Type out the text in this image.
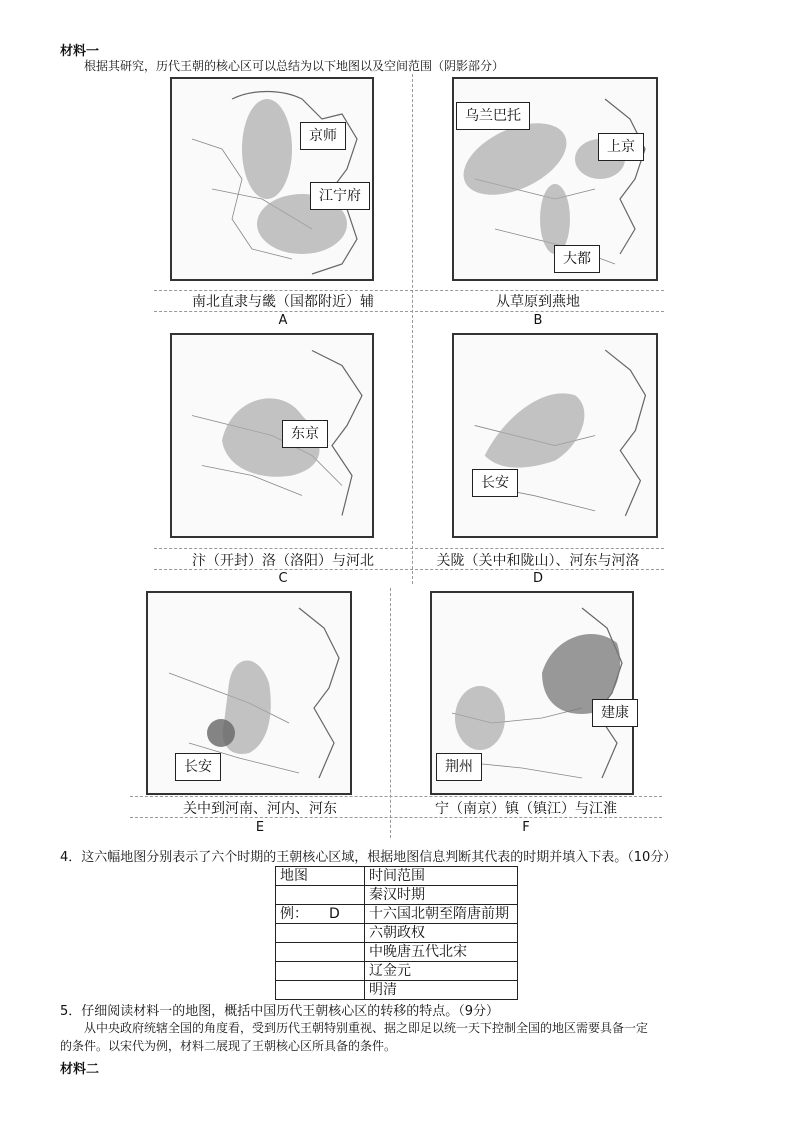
材料一
根据其研究，历代王朝的核心区可以总结为以下地图以及空间范围（阴影部分）
京师
江宁府
南北直隶与畿（国都附近）辅
A
乌兰巴托
上京
大都
从草原到燕地
B
东京
汴（开封）洛（洛阳）与河北
C
长安
关陇（关中和陇山）、河东与河洛
D
长安
关中到河南、河内、河东
E
建康
荆州
宁（南京）镇（镇江）与江淮
F
4．这六幅地图分别表示了六个时期的王朝核心区域，根据地图信息判断其代表的时期并填入下表。（10分）
地图	时间范围
	秦汉时期
例：　　D	十六国北朝至隋唐前期
	六朝政权
	中晚唐五代北宋
	辽金元
	明清
5．仔细阅读材料一的地图，概括中国历代王朝核心区的转移的特点。（9分）
从中央政府统辖全国的角度看，受到历代王朝特别重视、据之即足以统一天下控制全国的地区需要具备一定
的条件。以宋代为例，材料二展现了王朝核心区所具备的条件。
材料二
